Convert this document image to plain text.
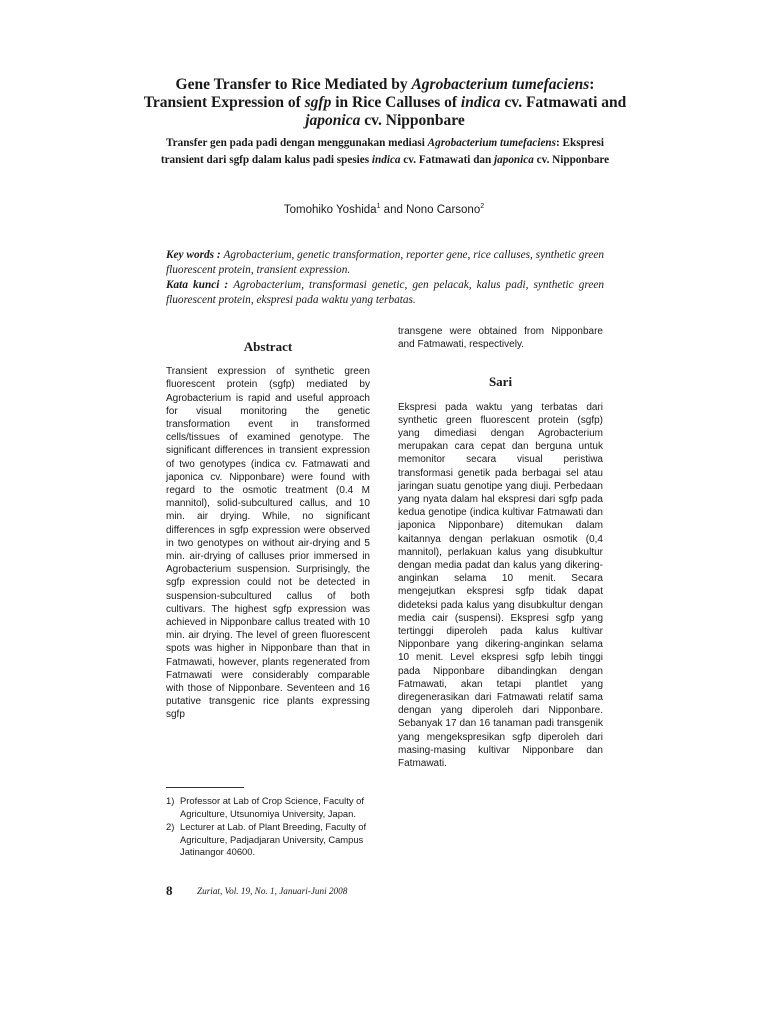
Gene Transfer to Rice Mediated by Agrobacterium tumefaciens:
Transient Expression of sgfp in Rice Calluses of indica cv. Fatmawati and
japonica cv. Nipponbare
Transfer gen pada padi dengan menggunakan mediasi Agrobacterium tumefaciens: Ekspresi transient dari sgfp dalam kalus padi spesies indica cv. Fatmawati dan japonica cv. Nipponbare
Tomohiko Yoshida$^1$ and Nono Carsono$^2$
Key words : Agrobacterium, genetic transformation, reporter gene, rice calluses, synthetic green fluorescent protein, transient expression.
Kata kunci : Agrobacterium, transformasi genetic, gen pelacak, kalus padi, synthetic green fluorescent protein, ekspresi pada waktu yang terbatas.
Abstract

Transient expression of synthetic green fluorescent protein (sgfp) mediated by Agrobacterium is rapid and useful approach for visual monitoring the genetic transformation event in transformed cells/tissues of examined genotype. The significant differences in transient expression of two genotypes (indica cv. Fatmawati and japonica cv. Nipponbare) were found with regard to the osmotic treatment (0.4 M mannitol), solid-subcultured callus, and 10 min. air drying. While, no significant differences in sgfp expression were observed in two genotypes on without air-drying and 5 min. air-drying of calluses prior immersed in Agrobacterium suspension. Surprisingly, the sgfp expression could not be detected in suspension-subcultured callus of both cultivars. The highest sgfp expression was achieved in Nipponbare callus treated with 10 min. air drying. The level of green fluorescent spots was higher in Nipponbare than that in Fatmawati, however, plants regenerated from Fatmawati were considerably comparable with those of Nipponbare. Seventeen and 16 putative transgenic rice plants expressing sgfp

transgene were obtained from Nipponbare and Fatmawati, respectively.

Sari

Ekspresi pada waktu yang terbatas dari synthetic green fluorescent protein (sgfp) yang dimediasi dengan Agrobacterium merupakan cara cepat dan berguna untuk memonitor secara visual peristiwa transformasi genetik pada berbagai sel atau jaringan suatu genotipe yang diuji. Perbedaan yang nyata dalam hal ekspresi dari sgfp pada kedua genotipe (indica kultivar Fatmawati dan japonica Nipponbare) ditemukan dalam kaitannya dengan perlakuan osmotik (0,4 mannitol), perlakuan kalus yang disubkultur dengan media padat dan kalus yang dikering-anginkan selama 10 menit. Secara mengejutkan ekspresi sgfp tidak dapat dideteksi pada kalus yang disubkultur dengan media cair (suspensi). Ekspresi sgfp yang tertinggi diperoleh pada kalus kultivar Nipponbare yang dikering-anginkan selama 10 menit. Level ekspresi sgfp lebih tinggi pada Nipponbare dibandingkan dengan Fatmawati, akan tetapi plantlet yang diregenerasikan dari Fatmawati relatif sama dengan yang diperoleh dari Nipponbare. Sebanyak 17 dan 16 tanaman padi transgenik yang mengekspresikan sgfp diperoleh dari masing-masing kultivar Nipponbare dan Fatmawati.

1) Professor at Lab of Crop Science, Faculty of Agriculture, Utsunomiya University, Japan.
2) Lecturer at Lab. of Plant Breeding, Faculty of Agriculture, Padjadjaran University, Campus Jatinangor 40600.
8	Zuriat, Vol. 19, No. 1, Januari-Juni 2008
